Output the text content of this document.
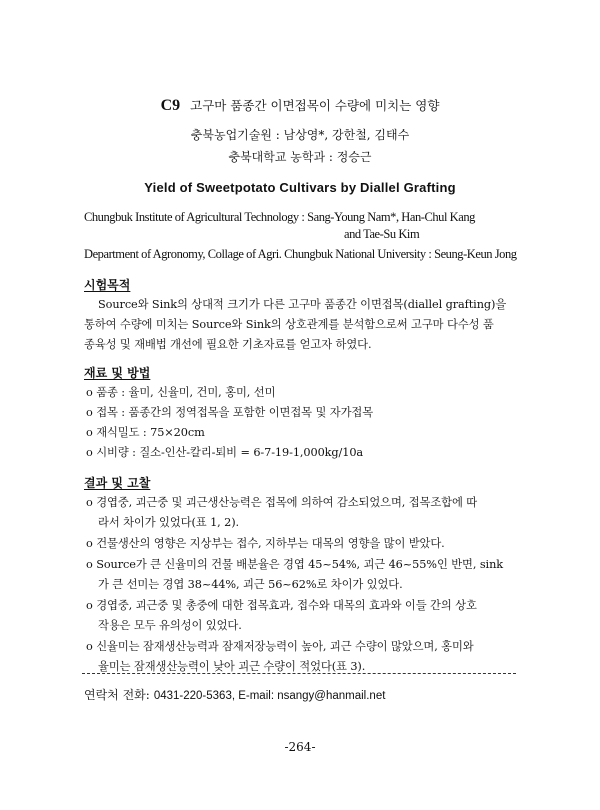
C9 고구마 품종간 이면접목이 수량에 미치는 영향
충북농업기술원 : 남상영*, 강한철, 김태수
충북대학교 농학과 : 정승근
Yield of Sweetpotato Cultivars by Diallel Grafting
Chungbuk Institute of Agricultural Technology : Sang-Young Nam*, Han-Chul Kang
and Tae-Su Kim
Department of Agronomy, Collage of Agri. Chungbuk National University : Seung-Keun Jong
시험목적
Source와 Sink의 상대적 크기가 다른 고구마 품종간 이면접목(diallel grafting)을
통하여 수량에 미치는 Source와 Sink의 상호관계를 분석함으로써 고구마 다수성 품
종육성 및 재배법 개선에 필요한 기초자료를 얻고자 하였다.
재료 및 방법
o 품종 : 율미, 신율미, 건미, 홍미, 선미
o 접목 : 품종간의 정역접목을 포함한 이면접목 및 자가접목
o 재식밀도 : 75×20cm
o 시비량 : 질소-인산-칼리-퇴비 = 6-7-19-1,000kg/10a
결과 및 고찰
o 경엽중, 괴근중 및 괴근생산능력은 접목에 의하여 감소되었으며, 접목조합에 따
라서 차이가 있었다(표 1, 2).
o 건물생산의 영향은 지상부는 접수, 지하부는 대목의 영향을 많이 받았다.
o Source가 큰 신율미의 건물 배분율은 경엽 45~54%, 괴근 46~55%인 반면, sink
가 큰 선미는 경엽 38~44%, 괴근 56~62%로 차이가 있었다.
o 경엽중, 괴근중 및 총중에 대한 접목효과, 접수와 대목의 효과와 이들 간의 상호
작용은 모두 유의성이 있었다.
o 신율미는 잠재생산능력과 잠재저장능력이 높아, 괴근 수량이 많았으며, 홍미와
율미는 잠재생산능력이 낮아 괴근 수량이 적었다(표 3).
연락처 전화: 0431-220-5363, E-mail: nsangy@hanmail.net
-264-
